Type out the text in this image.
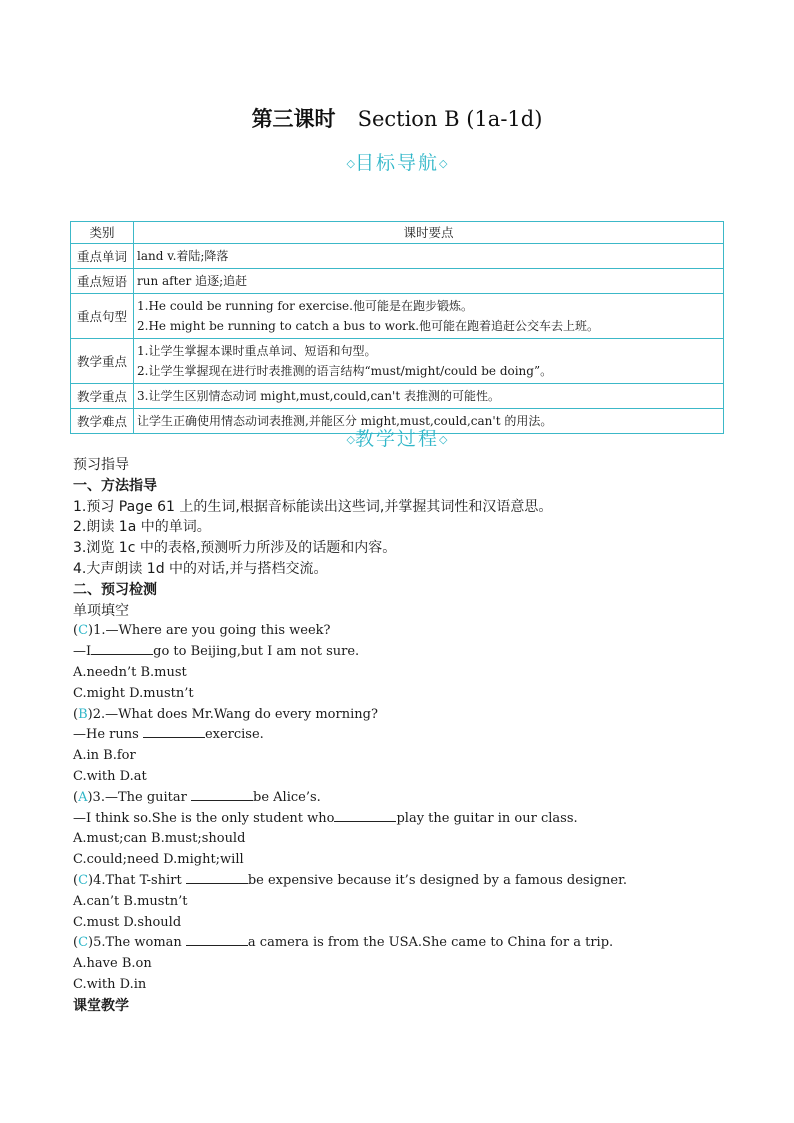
第三课时 Section B (1a-1d)
◇目标导航◇
类别	课时要点
重点单词	land v.着陆;降落

重点短语	run after 追逐;追赶

重点句型	1.He could be running for exercise.他可能是在跑步锻炼。
2.He might be running to catch a bus to work.他可能在跑着追赶公交车去上班。

教学重点	1.让学生掌握本课时重点单词、短语和句型。
2.让学生掌握现在进行时表推测的语言结构“must/might/could be doing”。

教学重点	3.让学生区别情态动词 might,must,could,can't 表推测的可能性。

教学难点	让学生正确使用情态动词表推测,并能区分 might,must,could,can't 的用法。
◇教学过程◇
预习指导
一、方法指导
1.预习 Page 61 上的生词,根据音标能读出这些词,并掌握其词性和汉语意思。
2.朗读 1a 中的单词。
3.浏览 1c 中的表格,预测听力所涉及的话题和内容。
4.大声朗读 1d 中的对话,并与搭档交流。
二、预习检测
单项填空
(C)1.—Where are you going this week?
—I	go to Beijing,but I am not sure.
A.needn’t B.must
C.might D.mustn’t
(B)2.—What does Mr.Wang do every morning?
—He runs	exercise.
A.in B.for
C.with D.at
(A)3.—The guitar	be Alice’s.
—I think so.She is the only student who	play the guitar in our class.
A.must;can B.must;should
C.could;need D.might;will
(C)4.That T-shirt	be expensive because it’s designed by a famous designer.
A.can’t B.mustn’t
C.must D.should
(C)5.The woman	a camera is from the USA.She came to China for a trip.
A.have B.on
C.with D.in
课堂教学
